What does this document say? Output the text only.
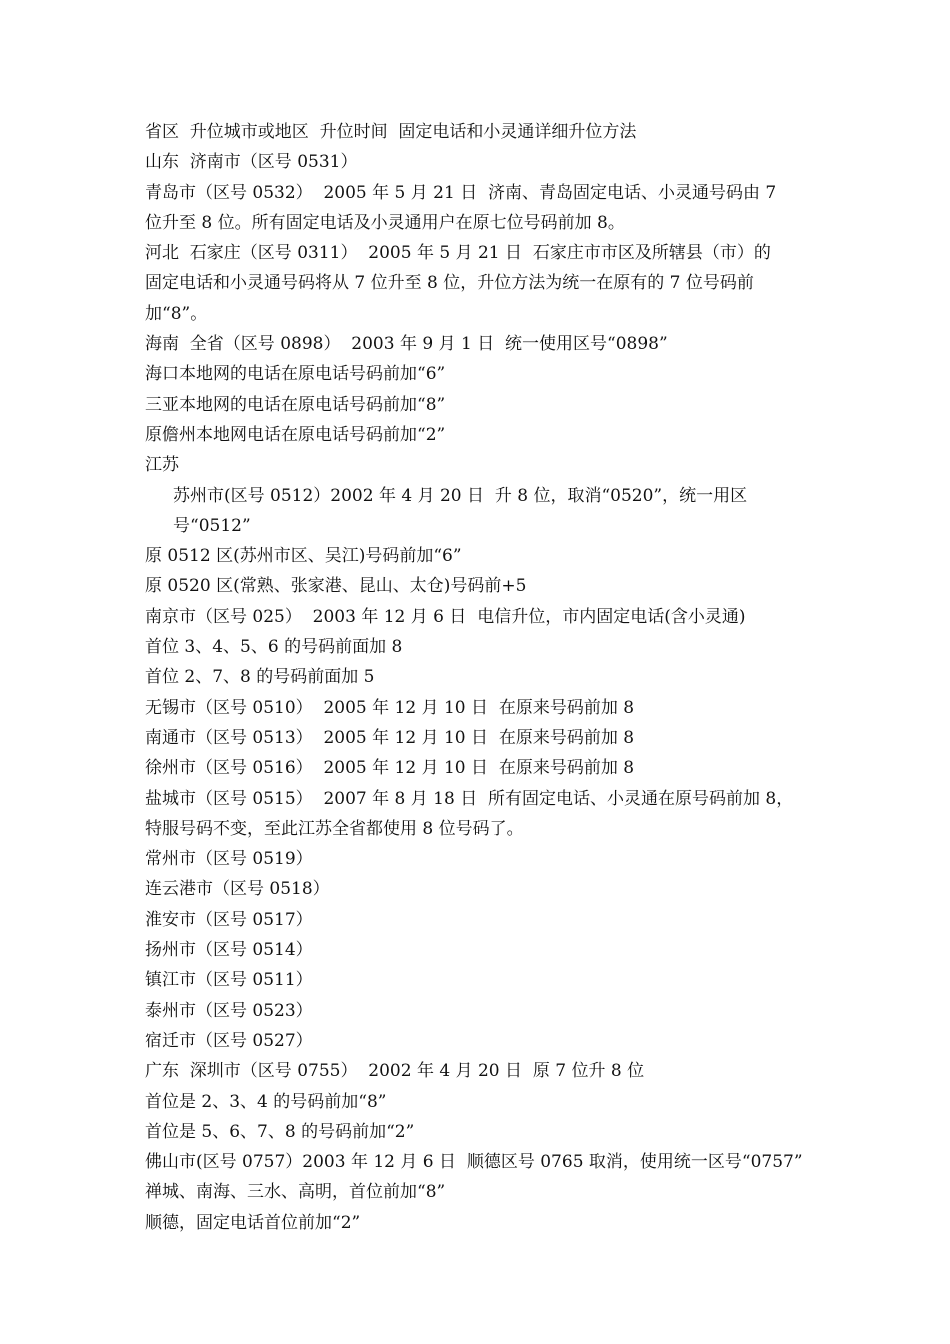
省区  升位城市或地区  升位时间  固定电话和小灵通详细升位方法

山东  济南市（区号 0531）

青岛市（区号 0532）  2005 年 5 月 21 日  济南、青岛固定电话、小灵通号码由 7

位升至 8 位。所有固定电话及小灵通用户在原七位号码前加 8。

河北  石家庄（区号 0311）  2005 年 5 月 21 日  石家庄市市区及所辖县（市）的

固定电话和小灵通号码将从 7 位升至 8 位，升位方法为统一在原有的 7 位号码前

加“8”。

海南  全省（区号 0898）  2003 年 9 月 1 日  统一使用区号“0898”

海口本地网的电话在原电话号码前加“6”

三亚本地网的电话在原电话号码前加“8”

原儋州本地网电话在原电话号码前加“2”

江苏

苏州市(区号 0512）2002 年 4 月 20 日  升 8 位，取消“0520”，统一用区号“0512”

原 0512 区(苏州市区、吴江)号码前加“6”

原 0520 区(常熟、张家港、昆山、太仓)号码前+5

南京市（区号 025）  2003 年 12 月 6 日  电信升位，市内固定电话(含小灵通)

首位 3、4、5、6 的号码前面加 8

首位 2、7、8 的号码前面加 5

无锡市（区号 0510）  2005 年 12 月 10 日  在原来号码前加 8

南通市（区号 0513）  2005 年 12 月 10 日  在原来号码前加 8

徐州市（区号 0516）  2005 年 12 月 10 日  在原来号码前加 8

盐城市（区号 0515）  2007 年 8 月 18 日  所有固定电话、小灵通在原号码前加 8，

特服号码不变，至此江苏全省都使用 8 位号码了。

常州市（区号 0519）

连云港市（区号 0518）

淮安市（区号 0517）

扬州市（区号 0514）

镇江市（区号 0511）

泰州市（区号 0523）

宿迁市（区号 0527）

广东  深圳市（区号 0755）  2002 年 4 月 20 日  原 7 位升 8 位

首位是 2、3、4 的号码前加“8”

首位是 5、6、7、8 的号码前加“2”

佛山市(区号 0757）2003 年 12 月 6 日  顺德区号 0765 取消，使用统一区号“0757”

禅城、南海、三水、高明，首位前加“8”

顺德，固定电话首位前加“2”
